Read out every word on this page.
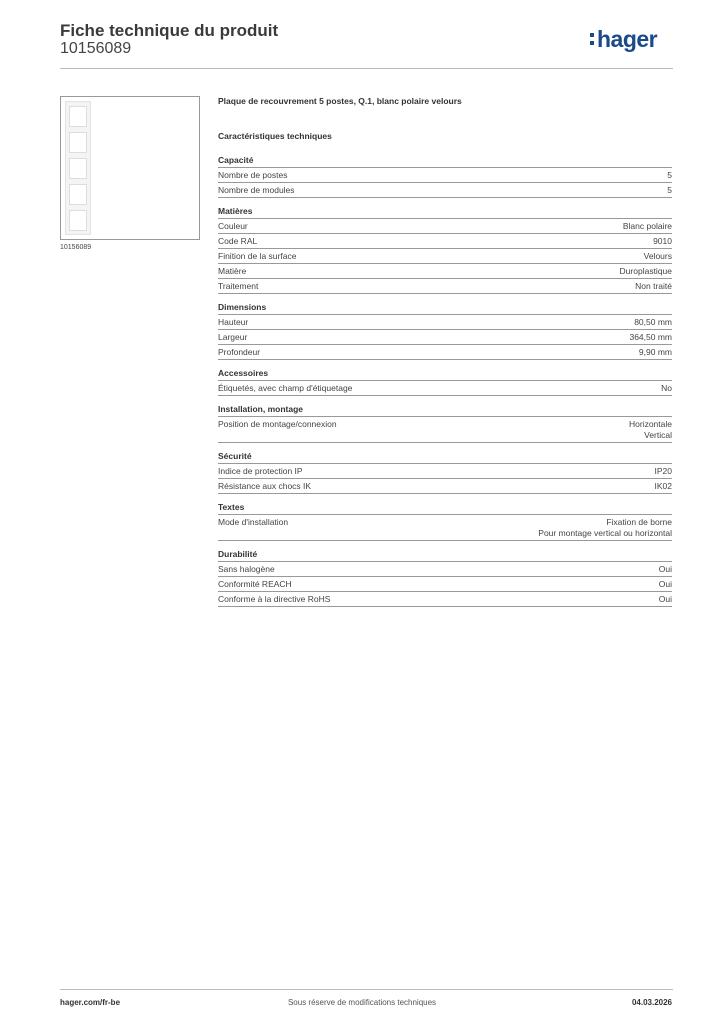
Fiche technique du produit
10156089	hager
10156089
Plaque de recouvrement 5 postes, Q.1, blanc polaire velours
Caractéristiques techniques
Capacité
Nombre de postes	5
Nombre de modules	5
Matières
Couleur	Blanc polaire
Code RAL	9010
Finition de la surface	Velours
Matière	Duroplastique
Traitement	Non traité
Dimensions
Hauteur	80,50 mm
Largeur	364,50 mm
Profondeur	9,90 mm
Accessoires
Étiquetés, avec champ d'étiquetage	No
Installation, montage
Position de montage/connexion	Horizontale
Vertical
Sécurité
Indice de protection IP	IP20
Résistance aux chocs IK	IK02
Textes
Mode d'installation	Fixation de borne
Pour montage vertical ou horizontal
Durabilité
Sans halogène	Oui
Conformité REACH	Oui
Conforme à la directive RoHS	Oui
hager.com/fr-be	Sous réserve de modifications techniques	04.03.2026
